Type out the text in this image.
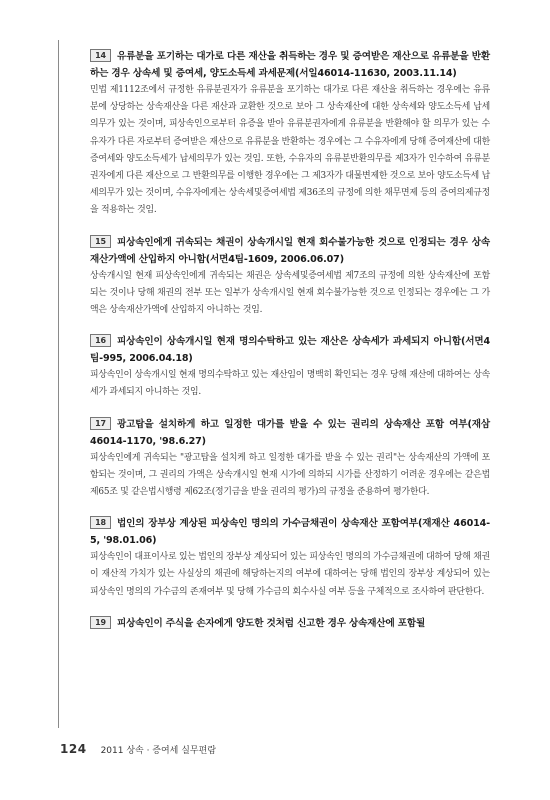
14 유류분을 포기하는 대가로 다른 재산을 취득하는 경우 및 증여받은 재산으로 유류분을 반환하는 경우 상속세 및 증여세, 양도소득세 과세문제(서일46014-11630, 2003.11.14)

민법 제1112조에서 규정한 유류분권자가 유류분을 포기하는 대가로 다른 재산을 취득하는 경우에는 유류분에 상당하는 상속재산을 다른 재산과 교환한 것으로 보아 그 상속재산에 대한 상속세와 양도소득세 납세의무가 있는 것이며, 피상속인으로부터 유증을 받아 유류분권자에게 유류분을 반환해야 할 의무가 있는 수유자가 다른 자로부터 증여받은 재산으로 유류분을 반환하는 경우에는 그 수유자에게 당해 증여재산에 대한 증여세와 양도소득세가 납세의무가 있는 것임. 또한, 수유자의 유류분반환의무를 제3자가 인수하여 유류분권자에게 다른 재산으로 그 반환의무를 이행한 경우에는 그 제3자가 대물변제한 것으로 보아 양도소득세 납세의무가 있는 것이며, 수유자에게는 상속세및증여세법 제36조의 규정에 의한 채무면제 등의 증여의제규정을 적용하는 것임.

15 피상속인에게 귀속되는 채권이 상속개시일 현재 회수불가능한 것으로 인정되는 경우 상속재산가액에 산입하지 아니함(서면4팀-1609, 2006.06.07)

상속개시일 현재 피상속인에게 귀속되는 채권은 상속세및증여세법 제7조의 규정에 의한 상속재산에 포함되는 것이나 당해 채권의 전부 또는 일부가 상속개시일 현재 회수불가능한 것으로 인정되는 경우에는 그 가액은 상속재산가액에 산입하지 아니하는 것임.

16 피상속인이 상속개시일 현재 명의수탁하고 있는 재산은 상속세가 과세되지 아니함(서면4팀-995, 2006.04.18)

피상속인이 상속개시일 현재 명의수탁하고 있는 재산임이 명백히 확인되는 경우 당해 재산에 대하여는 상속세가 과세되지 아니하는 것임.

17 광고탑을 설치하게 하고 일정한 대가를 받을 수 있는 권리의 상속재산 포함 여부(재삼 46014-1170, '98.6.27)

피상속인에게 귀속되는 "광고탑을 설치케 하고 일정한 대가를 받을 수 있는 권리"는 상속재산의 가액에 포함되는 것이며, 그 권리의 가액은 상속개시일 현재 시가에 의하되 시가를 산정하기 어려운 경우에는 같은법 제65조 및 같은법시행령 제62조(정기금을 받을 권리의 평가)의 규정을 준용하여 평가한다.

18 법인의 장부상 계상된 피상속인 명의의 가수금채권이 상속재산 포함여부(재재산 46014-5, '98.01.06)

피상속인이 대표이사로 있는 법인의 장부상 계상되어 있는 피상속인 명의의 가수금채권에 대하여 당해 채권이 재산적 가치가 있는 사실상의 채권에 해당하는지의 여부에 대하여는 당해 법인의 장부상 계상되어 있는 피상속인 명의의 가수금의 존재여부 및 당해 가수금의 회수사실 여부 등을 구체적으로 조사하여 판단한다.

19 피상속인이 주식을 손자에게 양도한 것처럼 신고한 경우 상속재산에 포함될
124 2011 상속 · 증여세 실무편람
